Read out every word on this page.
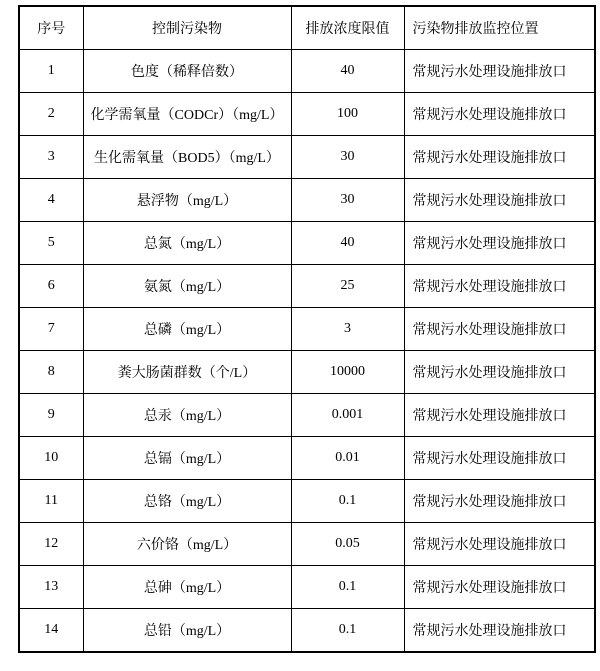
序号	控制污染物	排放浓度限值	污染物排放监控位置
1	色度（稀释倍数）	40	常规污水处理设施排放口
2	化学需氧量（CODCr）（mg/L）	100	常规污水处理设施排放口
3	生化需氧量（BOD5）（mg/L）	30	常规污水处理设施排放口
4	悬浮物（mg/L）	30	常规污水处理设施排放口
5	总氮（mg/L）	40	常规污水处理设施排放口
6	氨氮（mg/L）	25	常规污水处理设施排放口
7	总磷（mg/L）	3	常规污水处理设施排放口
8	粪大肠菌群数（个/L）	10000	常规污水处理设施排放口
9	总汞（mg/L）	0.001	常规污水处理设施排放口
10	总镉（mg/L）	0.01	常规污水处理设施排放口
11	总铬（mg/L）	0.1	常规污水处理设施排放口
12	六价铬（mg/L）	0.05	常规污水处理设施排放口
13	总砷（mg/L）	0.1	常规污水处理设施排放口
14	总铅（mg/L）	0.1	常规污水处理设施排放口
